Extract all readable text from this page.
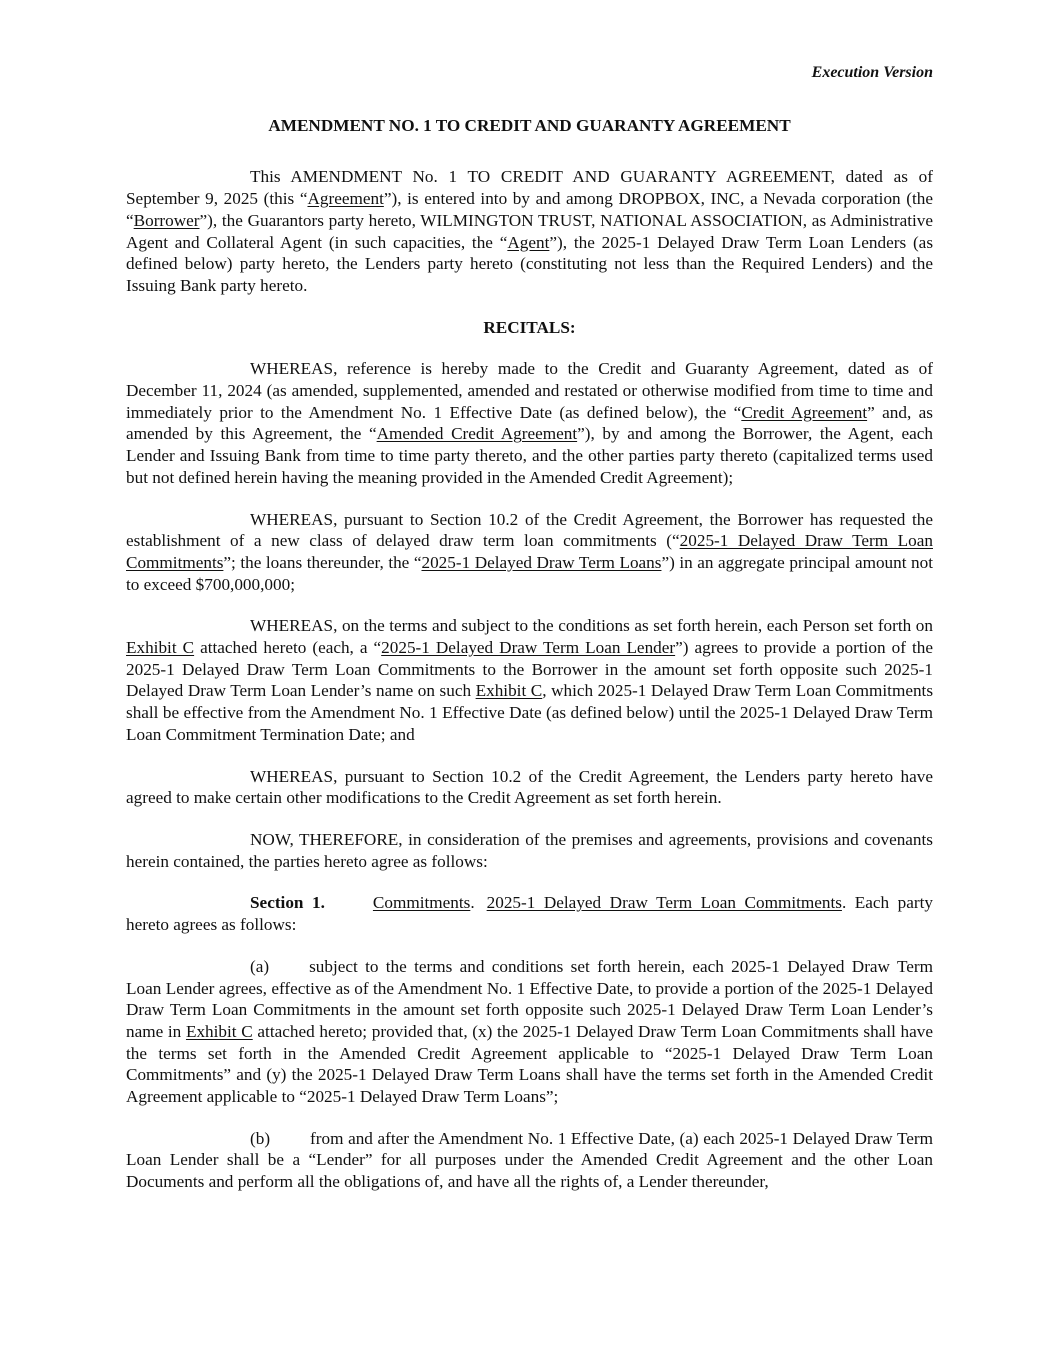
Execution Version

AMENDMENT NO. 1 TO CREDIT AND GUARANTY AGREEMENT

This AMENDMENT No. 1 TO CREDIT AND GUARANTY AGREEMENT, dated as of September 9, 2025 (this “Agreement”), is entered into by and among DROPBOX, INC, a Nevada corporation (the “Borrower”), the Guarantors party hereto, WILMINGTON TRUST, NATIONAL ASSOCIATION, as Administrative Agent and Collateral Agent (in such capacities, the “Agent”), the 2025-1 Delayed Draw Term Loan Lenders (as defined below) party hereto, the Lenders party hereto (constituting not less than the Required Lenders) and the Issuing Bank party hereto.

RECITALS:

WHEREAS, reference is hereby made to the Credit and Guaranty Agreement, dated as of December 11, 2024 (as amended, supplemented, amended and restated or otherwise modified from time to time and immediately prior to the Amendment No. 1 Effective Date (as defined below), the “Credit Agreement” and, as amended by this Agreement, the “Amended Credit Agreement”), by and among the Borrower, the Agent, each Lender and Issuing Bank from time to time party thereto, and the other parties party thereto (capitalized terms used but not defined herein having the meaning provided in the Amended Credit Agreement);

WHEREAS, pursuant to Section 10.2 of the Credit Agreement, the Borrower has requested the establishment of a new class of delayed draw term loan commitments (“2025-1 Delayed Draw Term Loan Commitments”; the loans thereunder, the “2025-1 Delayed Draw Term Loans”) in an aggregate principal amount not to exceed $700,000,000;

WHEREAS, on the terms and subject to the conditions as set forth herein, each Person set forth on Exhibit C attached hereto (each, a “2025-1 Delayed Draw Term Loan Lender”) agrees to provide a portion of the 2025-1 Delayed Draw Term Loan Commitments to the Borrower in the amount set forth opposite such 2025-1 Delayed Draw Term Loan Lender’s name on such Exhibit C, which 2025-1 Delayed Draw Term Loan Commitments shall be effective from the Amendment No. 1 Effective Date (as defined below) until the 2025-1 Delayed Draw Term Loan Commitment Termination Date; and

WHEREAS, pursuant to Section 10.2 of the Credit Agreement, the Lenders party hereto have agreed to make certain other modifications to the Credit Agreement as set forth herein.

NOW, THEREFORE, in consideration of the premises and agreements, provisions and covenants herein contained, the parties hereto agree as follows:

Section 1.	Commitments. 2025-1 Delayed Draw Term Loan Commitments. Each party hereto agrees as follows:

(a) subject to the terms and conditions set forth herein, each 2025-1 Delayed Draw Term Loan Lender agrees, effective as of the Amendment No. 1 Effective Date, to provide a portion of the 2025-1 Delayed Draw Term Loan Commitments in the amount set forth opposite such 2025-1 Delayed Draw Term Loan Lender’s name in Exhibit C attached hereto; provided that, (x) the 2025-1 Delayed Draw Term Loan Commitments shall have the terms set forth in the Amended Credit Agreement applicable to “2025-1 Delayed Draw Term Loan Commitments” and (y) the 2025-1 Delayed Draw Term Loans shall have the terms set forth in the Amended Credit Agreement applicable to “2025-1 Delayed Draw Term Loans”;

(b) from and after the Amendment No. 1 Effective Date, (a) each 2025-1 Delayed Draw Term Loan Lender shall be a “Lender” for all purposes under the Amended Credit Agreement and the other Loan Documents and perform all the obligations of, and have all the rights of, a Lender thereunder,
